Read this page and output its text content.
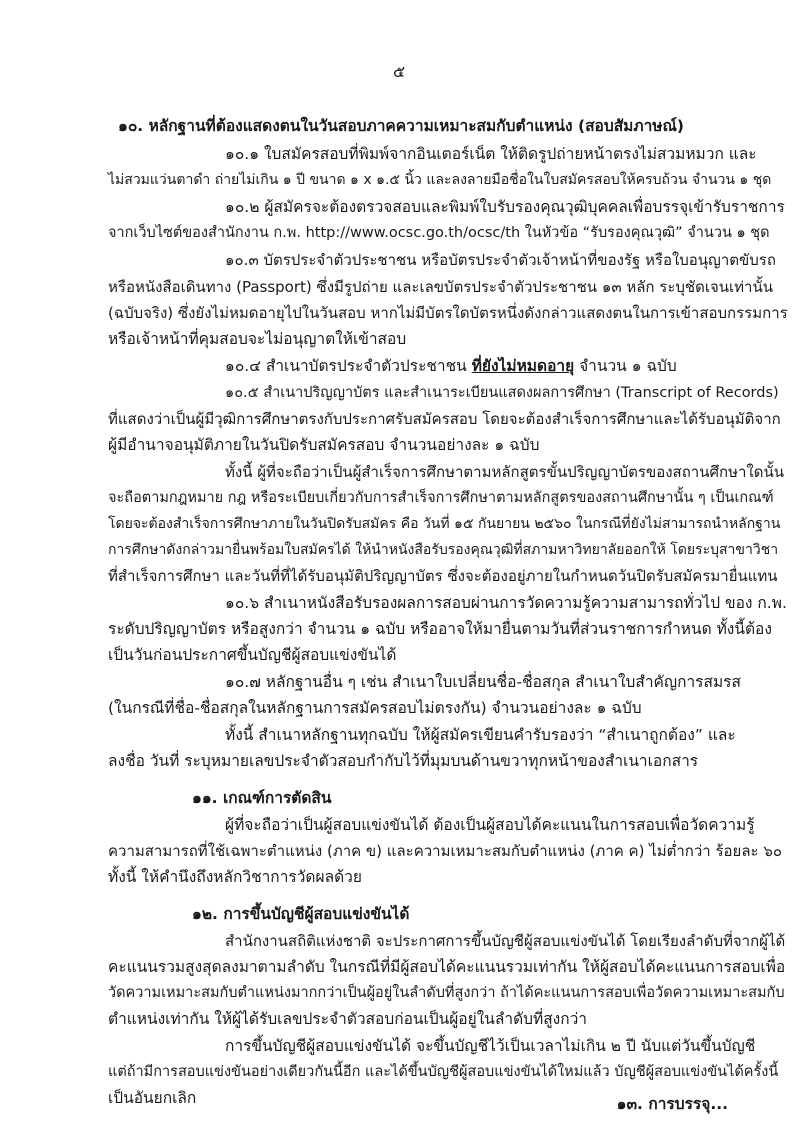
๕
๑๐. หลักฐานที่ต้องแสดงตนในวันสอบภาคความเหมาะสมกับตำแหน่ง (สอบสัมภาษณ์)
๑๐.๑ ใบสมัครสอบที่พิมพ์จากอินเตอร์เน็ต ให้ติดรูปถ่ายหน้าตรงไม่สวมหมวก และ
ไม่สวมแว่นตาดำ ถ่ายไม่เกิน ๑ ปี ขนาด ๑ x ๑.๕ นิ้ว และลงลายมือชื่อในใบสมัครสอบให้ครบถ้วน จำนวน ๑ ชุด
๑๐.๒ ผู้สมัครจะต้องตรวจสอบและพิมพ์ใบรับรองคุณวุฒิบุคคลเพื่อบรรจุเข้ารับราชการ
จากเว็บไซต์ของสำนักงาน ก.พ. http://www.ocsc.go.th/ocsc/th ในหัวข้อ “รับรองคุณวุฒิ” จำนวน ๑ ชุด
๑๐.๓ บัตรประจำตัวประชาชน หรือบัตรประจำตัวเจ้าหน้าที่ของรัฐ หรือใบอนุญาตขับรถ
หรือหนังสือเดินทาง (Passport) ซึ่งมีรูปถ่าย และเลขบัตรประจำตัวประชาชน ๑๓ หลัก ระบุชัดเจนเท่านั้น
(ฉบับจริง) ซึ่งยังไม่หมดอายุไปในวันสอบ หากไม่มีบัตรใดบัตรหนึ่งดังกล่าวแสดงตนในการเข้าสอบกรรมการ
หรือเจ้าหน้าที่คุมสอบจะไม่อนุญาตให้เข้าสอบ
๑๐.๔ สำเนาบัตรประจำตัวประชาชน ที่ยังไม่หมดอายุ จำนวน ๑ ฉบับ
๑๐.๕ สำเนาปริญญาบัตร และสำเนาระเบียนแสดงผลการศึกษา (Transcript of Records)
ที่แสดงว่าเป็นผู้มีวุฒิการศึกษาตรงกับประกาศรับสมัครสอบ โดยจะต้องสำเร็จการศึกษาและได้รับอนุมัติจาก
ผู้มีอำนาจอนุมัติภายในวันปิดรับสมัครสอบ จำนวนอย่างละ ๑ ฉบับ
ทั้งนี้ ผู้ที่จะถือว่าเป็นผู้สำเร็จการศึกษาตามหลักสูตรขั้นปริญญาบัตรของสถานศึกษาใดนั้น
จะถือตามกฎหมาย กฎ หรือระเบียบเกี่ยวกับการสำเร็จการศึกษาตามหลักสูตรของสถานศึกษานั้น ๆ เป็นเกณฑ์
โดยจะต้องสำเร็จการศึกษาภายในวันปิดรับสมัคร คือ วันที่ ๑๕ กันยายน ๒๕๖๐ ในกรณีที่ยังไม่สามารถนำหลักฐาน
การศึกษาดังกล่าวมายื่นพร้อมใบสมัครได้ ให้นำหนังสือรับรองคุณวุฒิที่สภามหาวิทยาลัยออกให้ โดยระบุสาขาวิชา
ที่สำเร็จการศึกษา และวันที่ที่ได้รับอนุมัติปริญญาบัตร ซึ่งจะต้องอยู่ภายในกำหนดวันปิดรับสมัครมายื่นแทน
๑๐.๖ สำเนาหนังสือรับรองผลการสอบผ่านการวัดความรู้ความสามารถทั่วไป ของ ก.พ.
ระดับปริญญาบัตร หรือสูงกว่า จำนวน ๑ ฉบับ หรืออาจให้มายื่นตามวันที่ส่วนราชการกำหนด ทั้งนี้ต้อง
เป็นวันก่อนประกาศขึ้นบัญชีผู้สอบแข่งขันได้
๑๐.๗ หลักฐานอื่น ๆ เช่น สำเนาใบเปลี่ยนชื่อ-ชื่อสกุล สำเนาใบสำคัญการสมรส
(ในกรณีที่ชื่อ-ชื่อสกุลในหลักฐานการสมัครสอบไม่ตรงกัน) จำนวนอย่างละ ๑ ฉบับ
ทั้งนี้ สำเนาหลักฐานทุกฉบับ ให้ผู้สมัครเขียนคำรับรองว่า “สำเนาถูกต้อง” และ
ลงชื่อ วันที่ ระบุหมายเลขประจำตัวสอบกำกับไว้ที่มุมบนด้านขวาทุกหน้าของสำเนาเอกสาร
๑๑. เกณฑ์การตัดสิน
ผู้ที่จะถือว่าเป็นผู้สอบแข่งขันได้ ต้องเป็นผู้สอบได้คะแนนในการสอบเพื่อวัดความรู้
ความสามารถที่ใช้เฉพาะตำแหน่ง (ภาค ข) และความเหมาะสมกับตำแหน่ง (ภาค ค) ไม่ต่ำกว่า ร้อยละ ๖๐
ทั้งนี้ ให้คำนึงถึงหลักวิชาการวัดผลด้วย
๑๒. การขึ้นบัญชีผู้สอบแข่งขันได้
สำนักงานสถิติแห่งชาติ จะประกาศการขึ้นบัญชีผู้สอบแข่งขันได้ โดยเรียงลำดับที่จากผู้ได้
คะแนนรวมสูงสุดลงมาตามลำดับ ในกรณีที่มีผู้สอบได้คะแนนรวมเท่ากัน ให้ผู้สอบได้คะแนนการสอบเพื่อ
วัดความเหมาะสมกับตำแหน่งมากกว่าเป็นผู้อยู่ในลำดับที่สูงกว่า ถ้าได้คะแนนการสอบเพื่อวัดความเหมาะสมกับ
ตำแหน่งเท่ากัน ให้ผู้ได้รับเลขประจำตัวสอบก่อนเป็นผู้อยู่ในลำดับที่สูงกว่า
การขึ้นบัญชีผู้สอบแข่งขันได้ จะขึ้นบัญชีไว้เป็นเวลาไม่เกิน ๒ ปี นับแต่วันขึ้นบัญชี
แต่ถ้ามีการสอบแข่งขันอย่างเดียวกันนี้อีก และได้ขึ้นบัญชีผู้สอบแข่งขันได้ใหม่แล้ว บัญชีผู้สอบแข่งขันได้ครั้งนี้
เป็นอันยกเลิก	๑๓. การบรรจุ...
